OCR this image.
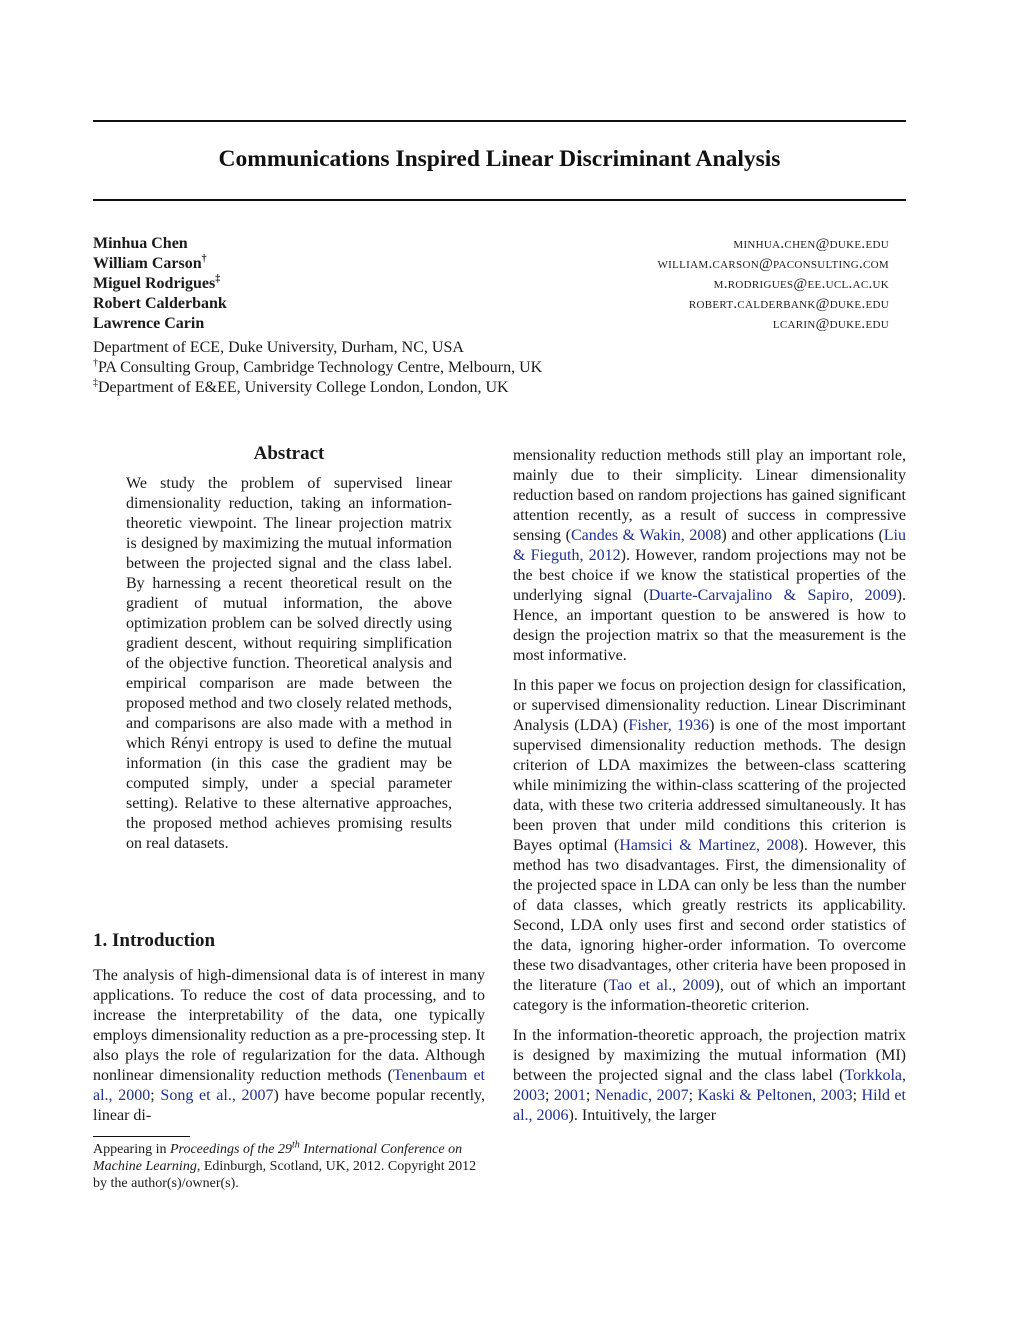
Communications Inspired Linear Discriminant Analysis
Minhua Chen	minhua.chen@duke.edu
William Carson†	william.carson@paconsulting.com
Miguel Rodrigues‡	m.rodrigues@ee.ucl.ac.uk
Robert Calderbank	robert.calderbank@duke.edu
Lawrence Carin	lcarin@duke.edu
Department of ECE, Duke University, Durham, NC, USA
†PA Consulting Group, Cambridge Technology Centre, Melbourn, UK
‡Department of E&EE, University College London, London, UK
Abstract
We study the problem of supervised linear dimensionality reduction, taking an information-theoretic viewpoint. The linear projection matrix is designed by maximizing the mutual information between the projected signal and the class label. By harnessing a recent theoretical result on the gradient of mutual information, the above optimization problem can be solved directly using gradient descent, without requiring simplification of the objective function. Theoretical analysis and empirical comparison are made between the proposed method and two closely related methods, and comparisons are also made with a method in which Rényi entropy is used to define the mutual information (in this case the gradient may be computed simply, under a special parameter setting). Relative to these alternative approaches, the proposed method achieves promising results on real datasets.
1. Introduction
The analysis of high-dimensional data is of interest in many applications. To reduce the cost of data processing, and to increase the interpretability of the data, one typically employs dimensionality reduction as a pre-processing step. It also plays the role of regularization for the data. Although nonlinear dimensionality reduction methods (Tenenbaum et al., 2000; Song et al., 2007) have become popular recently, linear di-
Appearing in Proceedings of the 29th International Conference on Machine Learning, Edinburgh, Scotland, UK, 2012. Copyright 2012 by the author(s)/owner(s).

mensionality reduction methods still play an important role, mainly due to their simplicity. Linear dimensionality reduction based on random projections has gained significant attention recently, as a result of success in compressive sensing (Candes & Wakin, 2008) and other applications (Liu & Fieguth, 2012). However, random projections may not be the best choice if we know the statistical properties of the underlying signal (Duarte-Carvajalino & Sapiro, 2009). Hence, an important question to be answered is how to design the projection matrix so that the measurement is the most informative.

In this paper we focus on projection design for classification, or supervised dimensionality reduction. Linear Discriminant Analysis (LDA) (Fisher, 1936) is one of the most important supervised dimensionality reduction methods. The design criterion of LDA maximizes the between-class scattering while minimizing the within-class scattering of the projected data, with these two criteria addressed simultaneously. It has been proven that under mild conditions this criterion is Bayes optimal (Hamsici & Martinez, 2008). However, this method has two disadvantages. First, the dimensionality of the projected space in LDA can only be less than the number of data classes, which greatly restricts its applicability. Second, LDA only uses first and second order statistics of the data, ignoring higher-order information. To overcome these two disadvantages, other criteria have been proposed in the literature (Tao et al., 2009), out of which an important category is the information-theoretic criterion.

In the information-theoretic approach, the projection matrix is designed by maximizing the mutual information (MI) between the projected signal and the class label (Torkkola, 2003; 2001; Nenadic, 2007; Kaski & Peltonen, 2003; Hild et al., 2006). Intuitively, the larger
